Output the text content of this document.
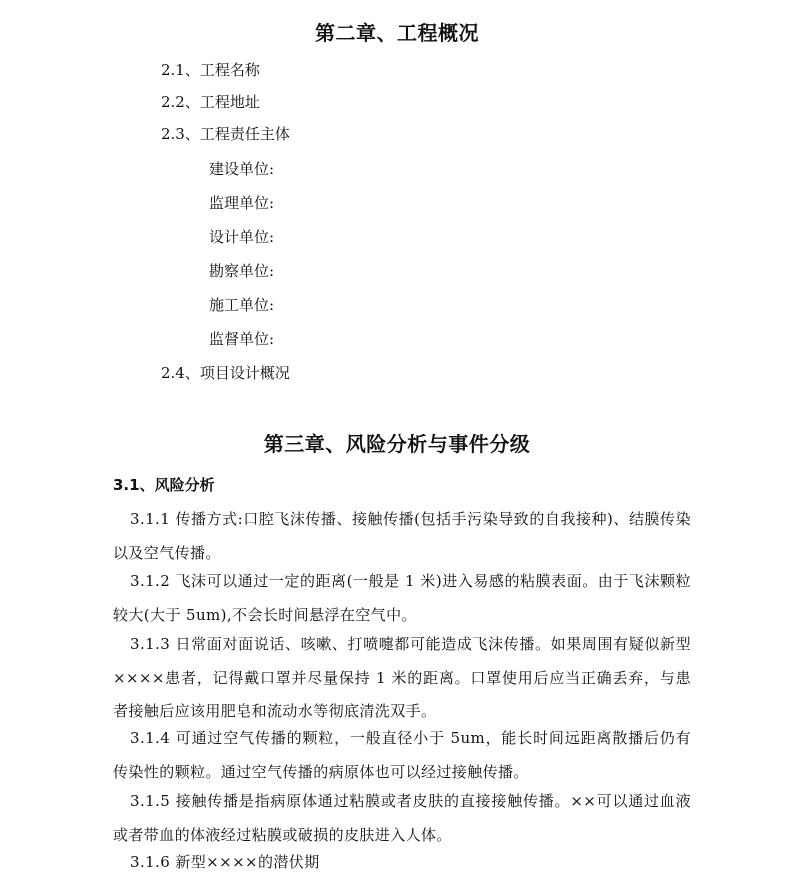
第二章、工程概况
2.1、工程名称
2.2、工程地址
2.3、工程责任主体
建设单位:
监理单位:
设计单位:
勘察单位:
施工单位:
监督单位:
2.4、项目设计概况
第三章、风险分析与事件分级
3.1、风险分析
3.1.1 传播方式:口腔飞沫传播、接触传播(包括手污染导致的自我接种)、结膜传染以及空气传播。
3.1.2 飞沫可以通过一定的距离(一般是 1 米)进入易感的粘膜表面。由于飞沫颗粒较大(大于 5um),不会长时间悬浮在空气中。
3.1.3 日常面对面说话、咳嗽、打喷嚏都可能造成飞沫传播。如果周围有疑似新型××××患者，记得戴口罩并尽量保持 1 米的距离。口罩使用后应当正确丢弃，与患者接触后应该用肥皂和流动水等彻底清洗双手。
3.1.4 可通过空气传播的颗粒，一般直径小于 5um，能长时间远距离散播后仍有传染性的颗粒。通过空气传播的病原体也可以经过接触传播。
3.1.5 接触传播是指病原体通过粘膜或者皮肤的直接接触传播。××可以通过血液或者带血的体液经过粘膜或破损的皮肤进入人体。
3.1.6 新型××××的潜伏期
